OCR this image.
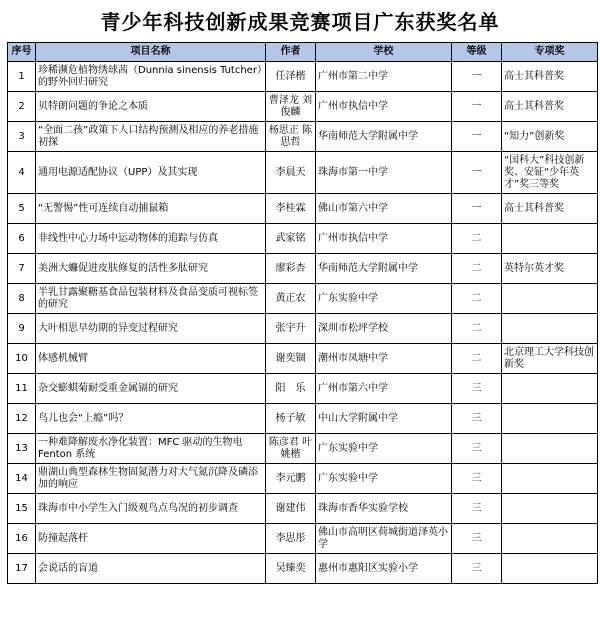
青少年科技创新成果竞赛项目广东获奖名单
序号	项目名称	作者	学校	等级	专项奖
1	珍稀濒危植物绣球茜（Dunnia sinensis Tutcher）的野外回归研究	任泽楷	广州市第二中学	一	高士其科普奖
2	贝特朗问题的争论之本质	曹泽龙 刘俊麟	广州市执信中学	一	高士其科普奖
3	“全面二孩”政策下人口结构预测及相应的养老措施初探	杨思正 陈思哲	华南师范大学附属中学	一	“知力”创新奖
4	通用电源适配协议（UPP）及其实现	李晨天	珠海市第一中学	一	“国科大”科技创新奖、安钲“少年英才”奖三等奖
5	“无警惕”性可连续自动捕鼠箱	李桂霖	佛山市第六中学	一	高士其科普奖
6	非线性中心力场中运动物体的追踪与仿真	武家铭	广州市执信中学	二	
7	美洲大蠊促进皮肤修复的活性多肽研究	廖彩杏	华南师范大学附属中学	二	英特尔英才奖
8	半乳甘露聚糖基食品包装材料及食品变质可视标签的研究	黄正农	广东实验中学	二	
9	大叶相思早幼期的异变过程研究	张宇升	深圳市松坪学校	二	
10	体感机械臂	谢奕锢	潮州市凤塘中学	二	北京理工大学科技创新奖
11	杂交蟛蜞菊耐受重金属镉的研究	阳　乐	广州市第六中学	三	
12	鸟儿也会“上瘾”吗？	杨子敏	中山大学附属中学	三	
13	一种难降解废水净化装置：MFC 驱动的生物电 Fenton 系统	陈彦君 叶姚楷	广东实验中学	三	
14	鼎湖山典型森林生物固氮潜力对大气氮沉降及磷添加的响应	李元鹏	广东实验中学	三	
15	珠海市中小学生入门级观鸟点鸟况的初步调查	谢建伟	珠海市香华实验学校	三	
16	防撞起落杆	李思彤	佛山市高明区荷城街道泽英小学	三	
17	会说话的盲道	吴臻奕	惠州市惠阳区实验小学	三	
